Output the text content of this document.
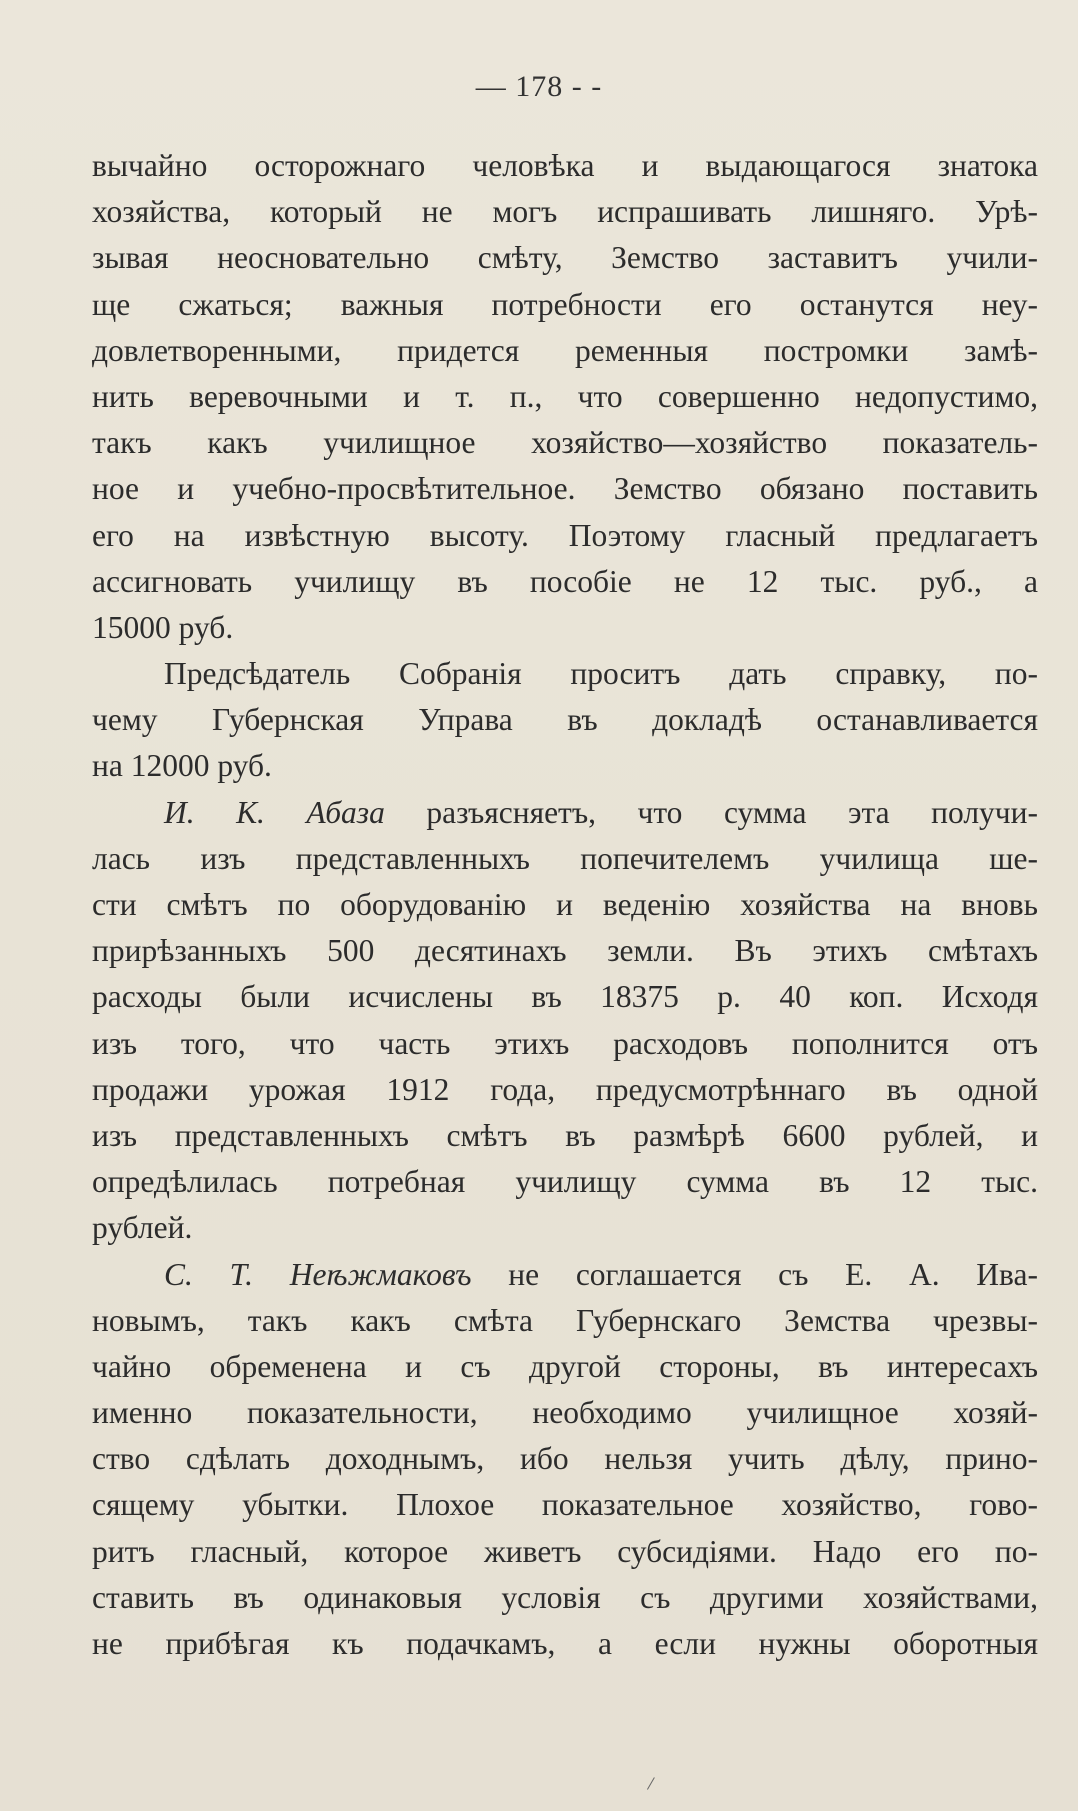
— 178 - -
вычайно осторожнаго человѣка и выдающагося знатока
хозяйства, который не могъ испрашивать лишняго. Урѣ-
зывая неосновательно смѣту, Земство заставитъ учили-
ще сжаться; важныя потребности его останутся неу-
довлетворенными, придется ременныя постромки замѣ-
нить веревочными и т. п., что совершенно недопустимо,
такъ какъ училищное хозяйство—хозяйство показатель-
ное и учебно-просвѣтительное. Земство обязано поставить
его на извѣстную высоту. Поэтому гласный предлагаетъ
ассигновать училищу въ пособіе не 12 тыс. руб., а
15000 руб.
Предсѣдатель Собранія проситъ дать справку, по-
чему Губернская Управа въ докладѣ останавливается
на 12000 руб.
И. К. Абаза разъясняетъ, что сумма эта получи-
лась изъ представленныхъ попечителемъ училища ше-
сти смѣтъ по оборудованію и веденію хозяйства на вновь
прирѣзанныхъ 500 десятинахъ земли. Въ этихъ смѣтахъ
расходы были исчислены въ 18375 р. 40 коп. Исходя
изъ того, что часть этихъ расходовъ пополнится отъ
продажи урожая 1912 года, предусмотрѣннаго въ одной
изъ представленныхъ смѣтъ въ размѣрѣ 6600 рублей, и
опредѣлилась потребная училищу сумма въ 12 тыс.
рублей.
С. Т. Неѣжмаковъ не соглашается съ Е. А. Ива-
новымъ, такъ какъ смѣта Губернскаго Земства чрезвы-
чайно обременена и съ другой стороны, въ интересахъ
именно показательности, необходимо училищное хозяй-
ство сдѣлать доходнымъ, ибо нельзя учить дѣлу, прино-
сящему убытки. Плохое показательное хозяйство, гово-
ритъ гласный, которое живетъ субсидіями. Надо его по-
ставить въ одинаковыя условія съ другими хозяйствами,
не прибѣгая къ подачкамъ, а если нужны оборотныя
